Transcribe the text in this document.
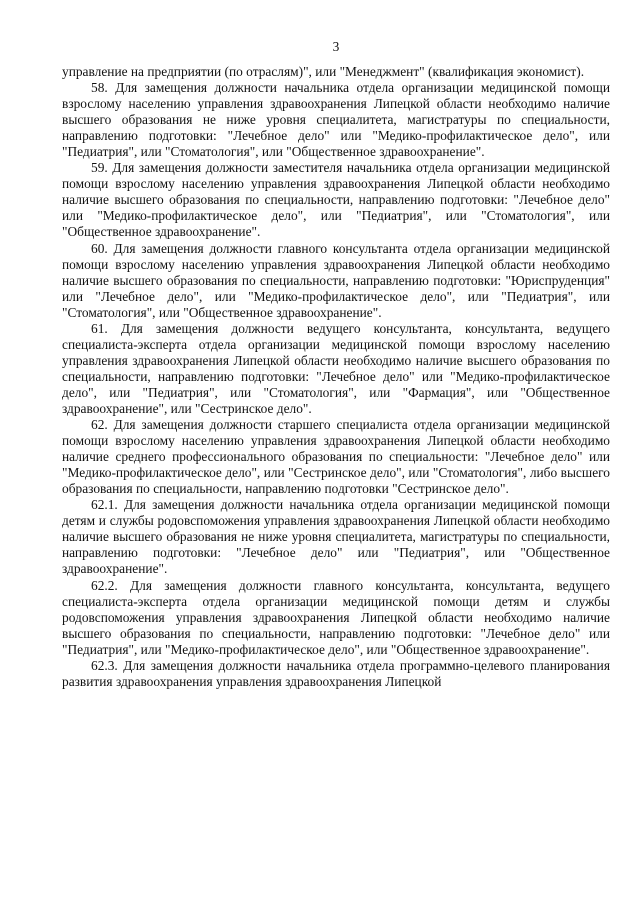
3

управление на предприятии (по отраслям)", или "Менеджмент" (квалификация экономист).

58. Для замещения должности начальника отдела организации медицинской помощи взрослому населению управления здравоохранения Липецкой области необходимо наличие высшего образования не ниже уровня специалитета, магистратуры по специальности, направлению подготовки: "Лечебное дело" или "Медико-профилактическое дело", или "Педиатрия", или "Стоматология", или "Общественное здравоохранение".

59. Для замещения должности заместителя начальника отдела организации медицинской помощи взрослому населению управления здравоохранения Липецкой области необходимо наличие высшего образования по специальности, направлению подготовки: "Лечебное дело" или "Медико-профилактическое дело", или "Педиатрия", или "Стоматология", или "Общественное здравоохранение".

60. Для замещения должности главного консультанта отдела организации медицинской помощи взрослому населению управления здравоохранения Липецкой области необходимо наличие высшего образования по специальности, направлению подготовки: "Юриспруденция" или "Лечебное дело", или "Медико-профилактическое дело", или "Педиатрия", или "Стоматология", или "Общественное здравоохранение".

61. Для замещения должности ведущего консультанта, консультанта, ведущего специалиста-эксперта отдела организации медицинской помощи взрослому населению управления здравоохранения Липецкой области необходимо наличие высшего образования по специальности, направлению подготовки: "Лечебное дело" или "Медико-профилактическое дело", или "Педиатрия", или "Стоматология", или "Фармация", или "Общественное здравоохранение", или "Сестринское дело".

62. Для замещения должности старшего специалиста отдела организации медицинской помощи взрослому населению управления здравоохранения Липецкой области необходимо наличие среднего профессионального образования по специальности: "Лечебное дело" или "Медико-профилактическое дело", или "Сестринское дело", или "Стоматология", либо высшего образования по специальности, направлению подготовки "Сестринское дело".

62.1. Для замещения должности начальника отдела организации медицинской помощи детям и службы родовспоможения управления здравоохранения Липецкой области необходимо наличие высшего образования не ниже уровня специалитета, магистратуры по специальности, направлению подготовки: "Лечебное дело" или "Педиатрия", или "Общественное здравоохранение".

62.2. Для замещения должности главного консультанта, консультанта, ведущего специалиста-эксперта отдела организации медицинской помощи детям и службы родовспоможения управления здравоохранения Липецкой области необходимо наличие высшего образования по специальности, направлению подготовки: "Лечебное дело" или "Педиатрия", или "Медико-профилактическое дело", или "Общественное здравоохранение".

62.3. Для замещения должности начальника отдела программно-целевого планирования развития здравоохранения управления здравоохранения Липецкой
